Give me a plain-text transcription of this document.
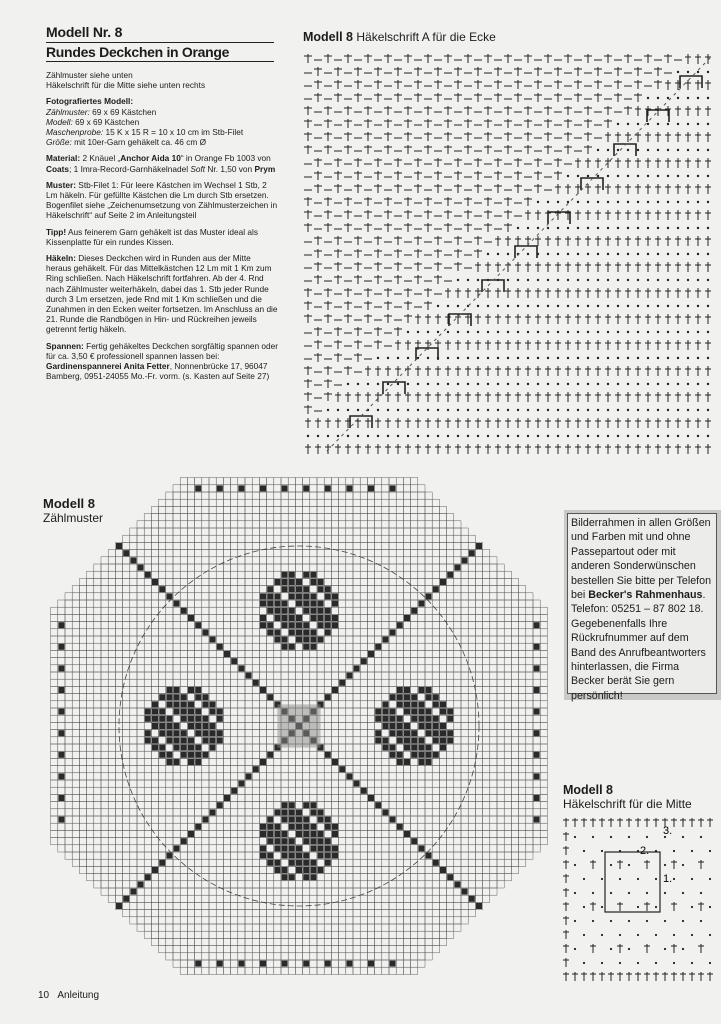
Modell Nr. 8
Rundes Deckchen in Orange

Zählmuster siehe unten
Häkelschrift für die Mitte siehe unten rechts

Fotografiertes Modell:
Zählmuster: 69 x 69 Kästchen
Modell: 69 x 69 Kästchen
Maschenprobe: 15 K x 15 R = 10 x 10 cm im Stb-Filet
Größe: mit 10er-Garn gehäkelt ca. 46 cm Ø

Material: 2 Knäuel „Anchor Aida 10“ in Orange Fb 1003 von Coats; 1 Imra-Record-Garnhäkelnadel Soft Nr. 1,50 von Prym

Muster: Stb-Filet 1: Für leere Kästchen im Wechsel 1 Stb, 2 Lm häkeln. Für gefüllte Kästchen die Lm durch Stb ersetzen. Bogenfilet siehe „Zeichenumsetzung von Zählmusterzeichen in Häkelschrift“ auf Seite 2 im Anleitungsteil

Tipp! Aus feinerem Garn gehäkelt ist das Muster ideal als Kissenplatte für ein rundes Kissen.

Häkeln: Dieses Deckchen wird in Runden aus der Mitte heraus gehäkelt. Für das Mittelkästchen 12 Lm mit 1 Km zum Ring schließen. Nach Häkelschrift fortfahren. Ab der 4. Rnd nach Zählmuster weiterhäkeln, dabei das 1. Stb jeder Runde durch 3 Lm ersetzen, jede Rnd mit 1 Km schließen und die Zunahmen in den Ecken weiter fortsetzen. Im Anschluss an die 21. Runde die Randbögen in Hin- und Rückreihen jeweils getrennt fertig häkeln.

Spannen: Fertig gehäkeltes Deckchen sorgfältig spannen oder für ca. 3,50 € professionell spannen lassen bei: Gardinenspannerei Anita Fetter, Nonnenbrücke 17, 96047 Bamberg, 0951-24055 Mo.-Fr. vorm. (s. Kasten auf Seite 27)

Modell 8 Häkelschrift A für die Ecke
Modell 8
Zählmuster	Bilderrahmen in allen Größen und Farben mit und ohne Passepartout oder mit anderen Sonderwünschen bestellen Sie bitte per Telefon bei Becker's Rahmenhaus. Telefon: 05251 – 87 802 18. Gegebenenfalls Ihre Rückrufnummer auf dem Band des Anrufbeantworters hinterlassen, die Firma Becker berät Sie gern persönlich!
Modell 8
Häkelschrift für die Mitte
1.
2.
3.
10 Anleitung
